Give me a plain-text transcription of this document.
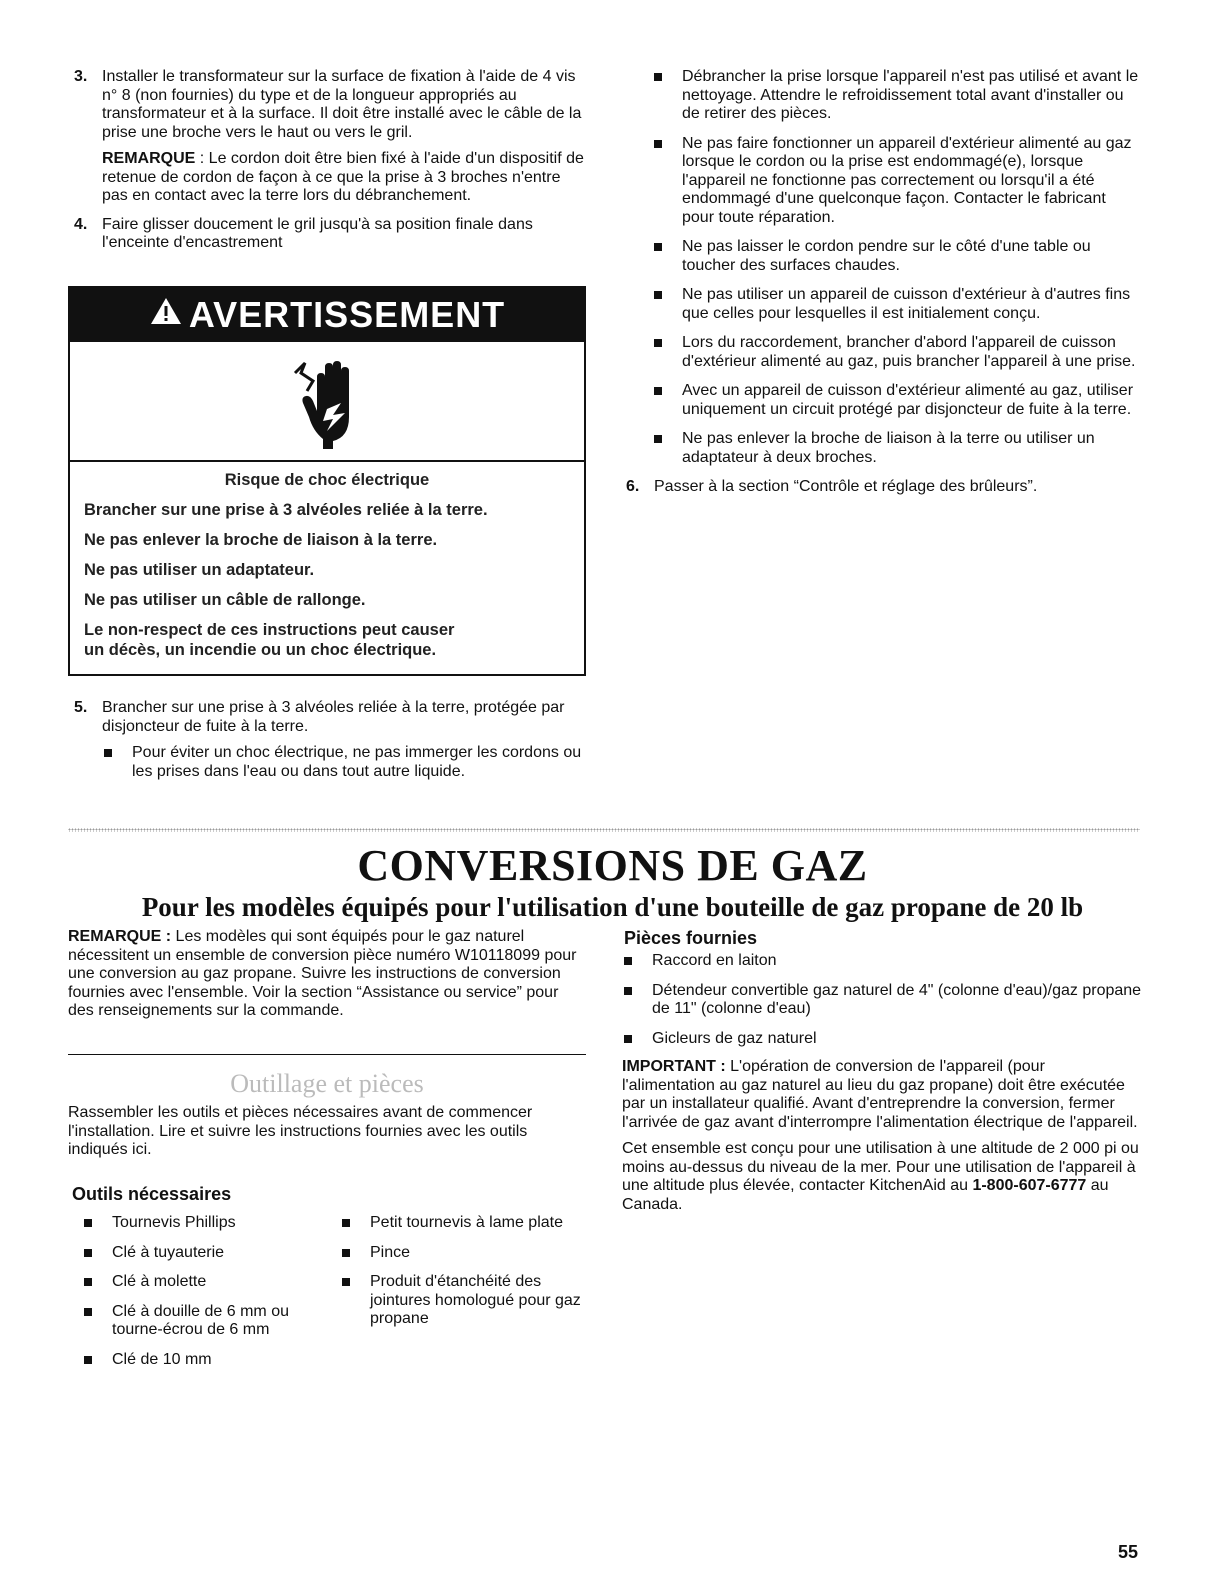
3. Installer le transformateur sur la surface de fixation à l'aide de 4 vis n° 8 (non fournies) du type et de la longueur appropriés au transformateur et à la surface. Il doit être installé avec le câble de la prise une broche vers le haut ou vers le gril.

REMARQUE : Le cordon doit être bien fixé à l'aide d'un dispositif de retenue de cordon de façon à ce que la prise à 3 broches n'entre pas en contact avec la terre lors du débranchement.

4. Faire glisser doucement le gril jusqu'à sa position finale dans l'enceinte d'encastrement

AVERTISSEMENT

Risque de choc électrique

Brancher sur une prise à 3 alvéoles reliée à la terre.

Ne pas enlever la broche de liaison à la terre.

Ne pas utiliser un adaptateur.

Ne pas utiliser un câble de rallonge.

Le non-respect de ces instructions peut causer
un décès, un incendie ou un choc électrique.

5. Brancher sur une prise à 3 alvéoles reliée à la terre, protégée par disjoncteur de fuite à la terre.

Pour éviter un choc électrique, ne pas immerger les cordons ou les prises dans l'eau ou dans tout autre liquide.
Débrancher la prise lorsque l'appareil n'est pas utilisé et avant le nettoyage. Attendre le refroidissement total avant d'installer ou de retirer des pièces.
Ne pas faire fonctionner un appareil d'extérieur alimenté au gaz lorsque le cordon ou la prise est endommagé(e), lorsque l'appareil ne fonctionne pas correctement ou lorsqu'il a été endommagé d'une quelconque façon. Contacter le fabricant pour toute réparation.
Ne pas laisser le cordon pendre sur le côté d'une table ou toucher des surfaces chaudes.
Ne pas utiliser un appareil de cuisson d'extérieur à d'autres fins que celles pour lesquelles il est initialement conçu.
Lors du raccordement, brancher d'abord l'appareil de cuisson d'extérieur alimenté au gaz, puis brancher l'appareil à une prise.
Avec un appareil de cuisson d'extérieur alimenté au gaz, utiliser uniquement un circuit protégé par disjoncteur de fuite à la terre.
Ne pas enlever la broche de liaison à la terre ou utiliser un adaptateur à deux broches.
6. Passer à la section “Contrôle et réglage des brûleurs”.

CONVERSIONS DE GAZ
Pour les modèles équipés pour l'utilisation d'une bouteille de gaz propane de 20 lb

REMARQUE : Les modèles qui sont équipés pour le gaz naturel nécessitent un ensemble de conversion pièce numéro W10118099 pour une conversion au gaz propane. Suivre les instructions de conversion fournies avec l'ensemble. Voir la section “Assistance ou service” pour des renseignements sur la commande.

Outillage et pièces

Rassembler les outils et pièces nécessaires avant de commencer l'installation. Lire et suivre les instructions fournies avec les outils indiqués ici.

Outils nécessaires
Tournevis Phillips
Clé à tuyauterie
Clé à molette
Clé à douille de 6 mm ou tourne-écrou de 6 mm
Clé de 10 mm
Petit tournevis à lame plate
Pince
Produit d'étanchéité des jointures homologué pour gaz propane
Pièces fournies
Raccord en laiton
Détendeur convertible gaz naturel de 4" (colonne d'eau)/gaz propane de 11" (colonne d'eau)
Gicleurs de gaz naturel

IMPORTANT : L'opération de conversion de l'appareil (pour l'alimentation au gaz naturel au lieu du gaz propane) doit être exécutée par un installateur qualifié. Avant d'entreprendre la conversion, fermer l'arrivée de gaz avant d'interrompre l'alimentation électrique de l'appareil.

Cet ensemble est conçu pour une utilisation à une altitude de 2 000 pi ou moins au-dessus du niveau de la mer. Pour une utilisation de l'appareil à une altitude plus élevée, contacter KitchenAid au 1-800-607-6777 au Canada.

55
